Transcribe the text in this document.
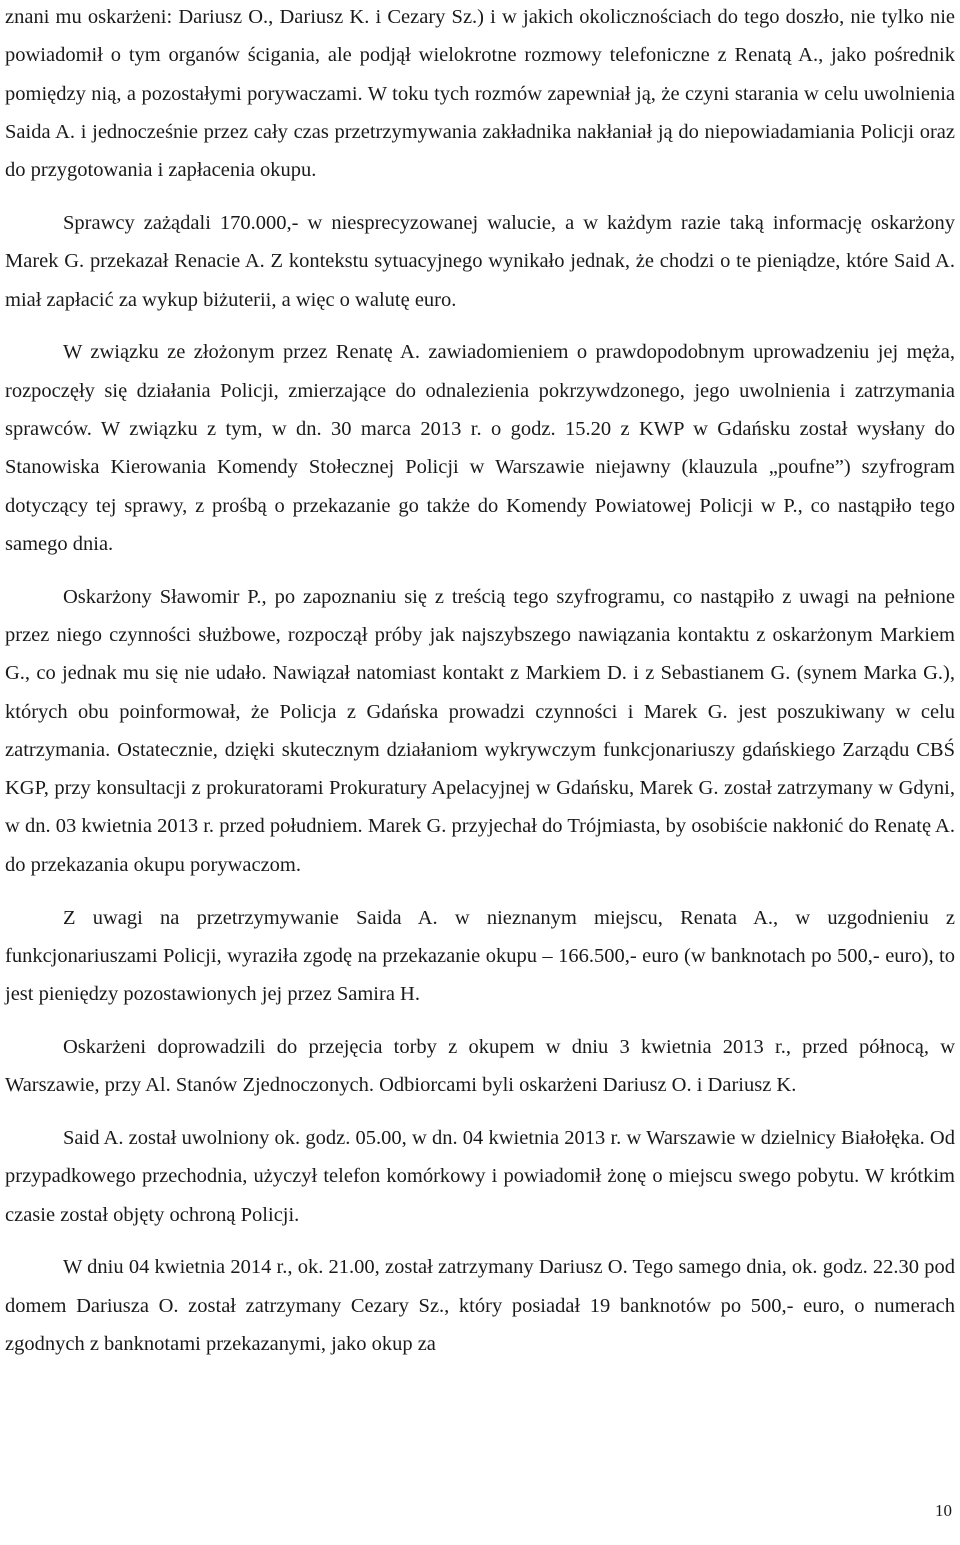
znani mu oskarżeni: Dariusz O., Dariusz K. i Cezary Sz.) i w jakich okolicznościach do tego doszło, nie tylko nie powiadomił o tym organów ścigania, ale podjął wielokrotne rozmowy telefoniczne z Renatą A., jako pośrednik pomiędzy nią, a pozostałymi porywaczami. W toku tych rozmów zapewniał ją, że czyni starania w celu uwolnienia Saida A. i jednocześnie przez cały czas przetrzymywania zakładnika nakłaniał ją do niepowiadamiania Policji oraz do przygotowania i zapłacenia okupu.

Sprawcy zażądali 170.000,- w niesprecyzowanej walucie, a w każdym razie taką informację oskarżony Marek G. przekazał Renacie A. Z kontekstu sytuacyjnego wynikało jednak, że chodzi o te pieniądze, które Said A. miał zapłacić za wykup biżuterii, a więc o walutę euro.

W związku ze złożonym przez Renatę A. zawiadomieniem o prawdopodobnym uprowadzeniu jej męża, rozpoczęły się działania Policji, zmierzające do odnalezienia pokrzywdzonego, jego uwolnienia i zatrzymania sprawców. W związku z tym, w dn. 30 marca 2013 r. o godz. 15.20 z KWP w Gdańsku został wysłany do Stanowiska Kierowania Komendy Stołecznej Policji w Warszawie niejawny (klauzula „poufne”) szyfrogram dotyczący tej sprawy, z prośbą o przekazanie go także do Komendy Powiatowej Policji w P., co nastąpiło tego samego dnia.

Oskarżony Sławomir P., po zapoznaniu się z treścią tego szyfrogramu, co nastąpiło z uwagi na pełnione przez niego czynności służbowe, rozpoczął próby jak najszybszego nawiązania kontaktu z oskarżonym Markiem G., co jednak mu się nie udało. Nawiązał natomiast kontakt z Markiem D. i z Sebastianem G. (synem Marka G.), których obu poinformował, że Policja z Gdańska prowadzi czynności i Marek G. jest poszukiwany w celu zatrzymania. Ostatecznie, dzięki skutecznym działaniom wykrywczym funkcjonariuszy gdańskiego Zarządu CBŚ KGP, przy konsultacji z prokuratorami Prokuratury Apelacyjnej w Gdańsku, Marek G. został zatrzymany w Gdyni, w dn. 03 kwietnia 2013 r. przed południem. Marek G. przyjechał do Trójmiasta, by osobiście nakłonić do Renatę A. do przekazania okupu porywaczom.

Z uwagi na przetrzymywanie Saida A. w nieznanym miejscu, Renata A., w uzgodnieniu z funkcjonariuszami Policji, wyraziła zgodę na przekazanie okupu – 166.500,- euro (w banknotach po 500,- euro), to jest pieniędzy pozostawionych jej przez Samira H.

Oskarżeni doprowadzili do przejęcia torby z okupem w dniu 3 kwietnia 2013 r., przed północą, w Warszawie, przy Al. Stanów Zjednoczonych. Odbiorcami byli oskarżeni Dariusz O. i Dariusz K.

Said A. został uwolniony ok. godz. 05.00, w dn. 04 kwietnia 2013 r. w Warszawie w dzielnicy Białołęka. Od przypadkowego przechodnia, użyczył telefon komórkowy i powiadomił żonę o miejscu swego pobytu. W krótkim czasie został objęty ochroną Policji.

W dniu 04 kwietnia 2014 r., ok. 21.00, został zatrzymany Dariusz O. Tego samego dnia, ok. godz. 22.30 pod domem Dariusza O. został zatrzymany Cezary Sz., który posiadał 19 banknotów po 500,- euro, o numerach zgodnych z banknotami przekazanymi, jako okup za

10
